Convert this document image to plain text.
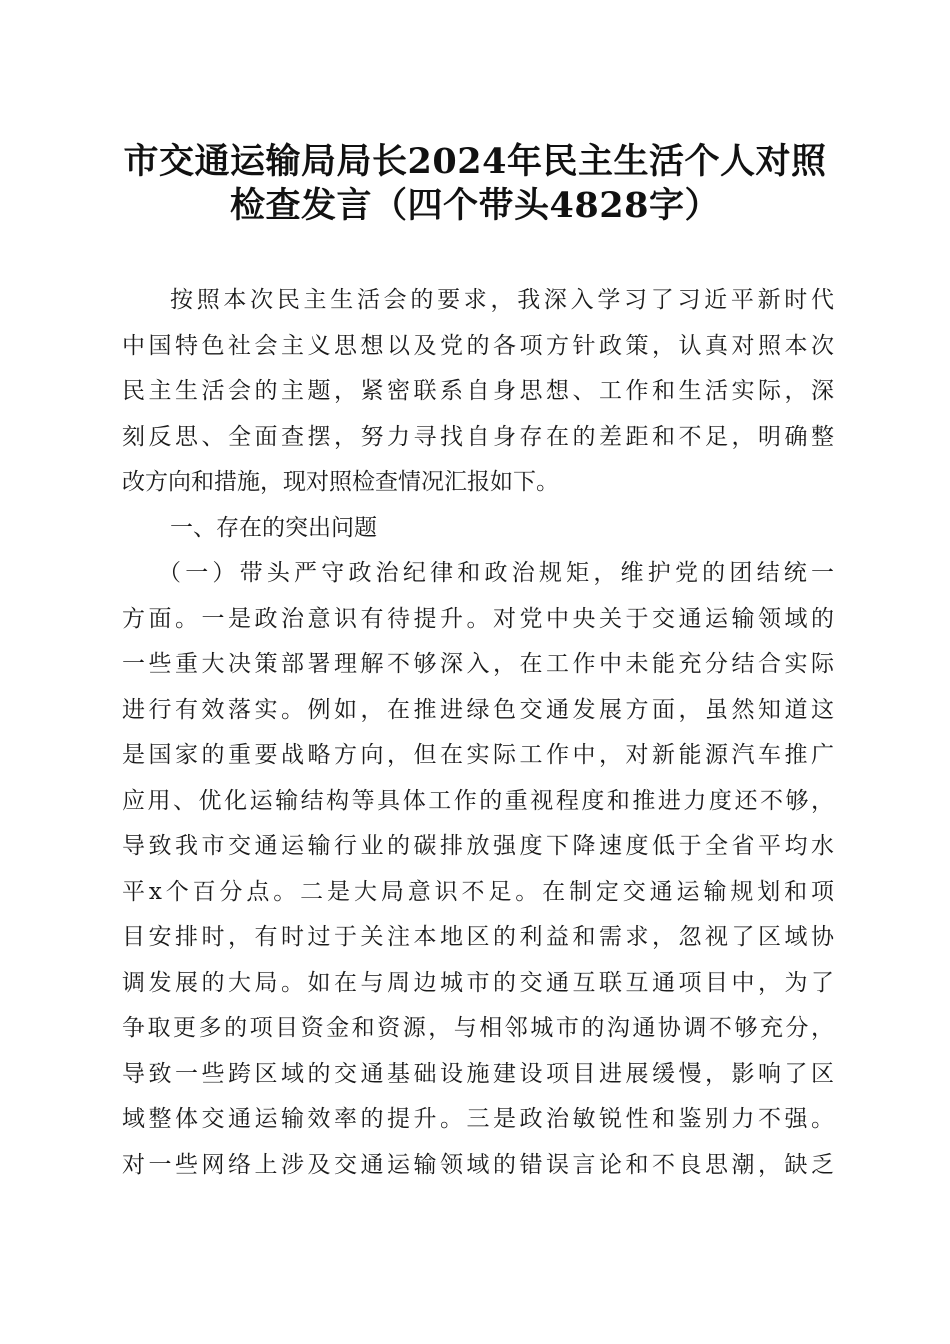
市交通运输局局长2024年民主生活个人对照
检查发言（四个带头4828字）
按照本次民主生活会的要求，我深入学习了习近平新时代
中国特色社会主义思想以及党的各项方针政策，认真对照本次
民主生活会的主题，紧密联系自身思想、工作和生活实际，深
刻反思、全面查摆，努力寻找自身存在的差距和不足，明确整
改方向和措施，现对照检查情况汇报如下。
一、存在的突出问题
（一）带头严守政治纪律和政治规矩，维护党的团结统一
方面。一是政治意识有待提升。对党中央关于交通运输领域的
一些重大决策部署理解不够深入，在工作中未能充分结合实际
进行有效落实。例如，在推进绿色交通发展方面，虽然知道这
是国家的重要战略方向，但在实际工作中，对新能源汽车推广
应用、优化运输结构等具体工作的重视程度和推进力度还不够，
导致我市交通运输行业的碳排放强度下降速度低于全省平均水
平x个百分点。二是大局意识不足。在制定交通运输规划和项
目安排时，有时过于关注本地区的利益和需求，忽视了区域协
调发展的大局。如在与周边城市的交通互联互通项目中，为了
争取更多的项目资金和资源，与相邻城市的沟通协调不够充分，
导致一些跨区域的交通基础设施建设项目进展缓慢，影响了区
域整体交通运输效率的提升。三是政治敏锐性和鉴别力不强。
对一些网络上涉及交通运输领域的错误言论和不良思潮，缺乏
